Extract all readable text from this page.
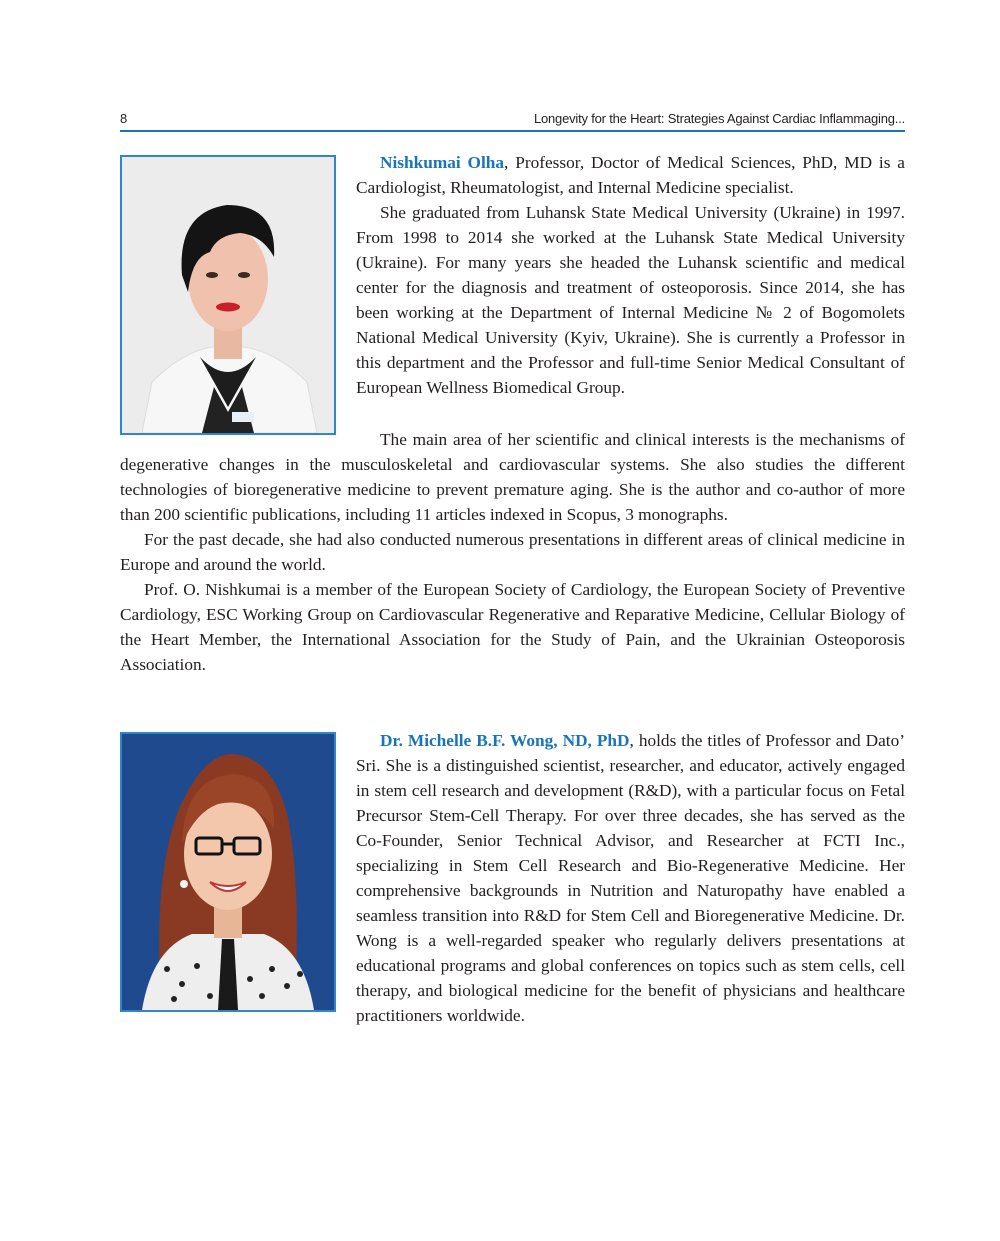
8	Longevity for the Heart: Strategies Against Cardiac Inflammaging...

Nishkumai Olha, Professor, Doctor of Medical Sciences, PhD, MD is a Cardiologist, Rheumatologist, and Internal Medicine specialist.

She graduated from Luhansk State Medical University (Ukraine) in 1997. From 1998 to 2014 she worked at the Luhansk State Medical University (Ukraine). For many years she headed the Luhansk scientific and medical center for the diagnosis and treatment of osteoporosis. Since 2014, she has been working at the Department of Internal Medicine № 2 of Bogomolets National Medical University (Kyiv, Ukraine). She is currently a Professor in this department and the Professor and full-time Senior Medical Consultant of European Wellness Biomedical Group.

The main area of her scientific and clinical interests is the mechanisms of degenerative changes in the musculoskeletal and cardiovascular systems. She also studies the different technologies of bioregenerative medicine to prevent premature aging. She is the author and co-author of more than 200 scientific publications, including 11 articles indexed in Scopus, 3 monographs.

For the past decade, she had also conducted numerous presentations in different areas of clinical medicine in Europe and around the world.

Prof. O. Nishkumai is a member of the European Society of Cardiology, the European Society of Preventive Cardiology, ESC Working Group on Cardiovascular Regenerative and Reparative Medicine, Cellular Biology of the Heart Member, the International Association for the Study of Pain, and the Ukrainian Osteoporosis Association.

Dr. Michelle B.F. Wong, ND, PhD, holds the titles of Professor and Dato’ Sri. She is a distinguished scientist, researcher, and educator, actively engaged in stem cell research and development (R&D), with a particular focus on Fetal Precursor Stem-Cell Therapy. For over three decades, she has served as the Co-Founder, Senior Technical Advisor, and Researcher at FCTI Inc., specializing in Stem Cell Research and Bio-Regenerative Medicine. Her comprehensive backgrounds in Nutrition and Naturopathy have enabled a seamless transition into R&D for Stem Cell and Bioregenerative Medicine. Dr. Wong is a well-regarded speaker who regularly delivers presentations at educational programs and global conferences on topics such as stem cells, cell therapy, and biological medicine for the benefit of physicians and healthcare practitioners worldwide.
